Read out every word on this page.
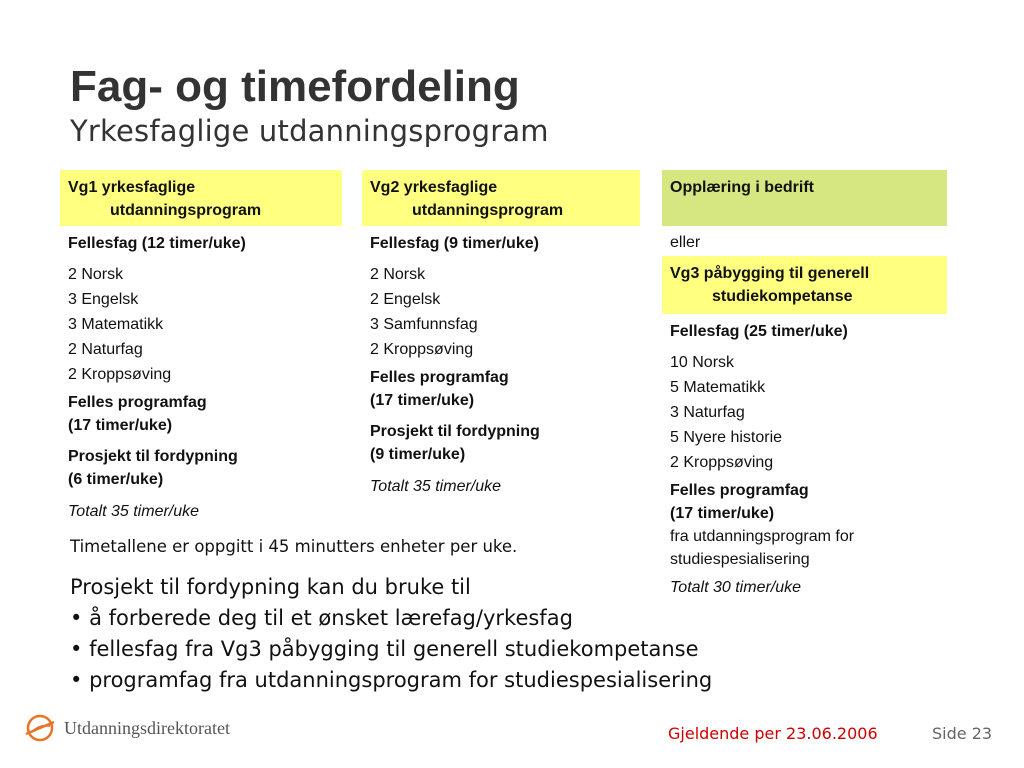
Fag- og timefordeling
Yrkesfaglige utdanningsprogram
Vg1 yrkesfaglige
utdanningsprogram
Fellesfag (12 timer/uke)
2 Norsk
3 Engelsk
3 Matematikk
2 Naturfag
2 Kroppsøving
Felles programfag
(17 timer/uke)
Prosjekt til fordypning
(6 timer/uke)
Totalt 35 timer/uke
Vg2 yrkesfaglige
utdanningsprogram
Fellesfag (9 timer/uke)
2 Norsk
2 Engelsk
3 Samfunnsfag
2 Kroppsøving
Felles programfag
(17 timer/uke)
Prosjekt til fordypning
(9 timer/uke)
Totalt 35 timer/uke
Opplæring i bedrift
eller
Vg3 påbygging til generell
studiekompetanse
Fellesfag (25 timer/uke)
10 Norsk
5 Matematikk
3 Naturfag
5 Nyere historie
2 Kroppsøving
Felles programfag
(17 timer/uke)
fra utdanningsprogram for
studiespesialisering
Totalt 30 timer/uke
Timetallene er oppgitt i 45 minutters enheter per uke.
Prosjekt til fordypning kan du bruke til
• å forberede deg til et ønsket lærefag/yrkesfag
• fellesfag fra Vg3 påbygging til generell studiekompetanse
• programfag fra utdanningsprogram for studiespesialisering
Utdanningsdirektoratet	Gjeldende per 23.06.2006	Side 23
